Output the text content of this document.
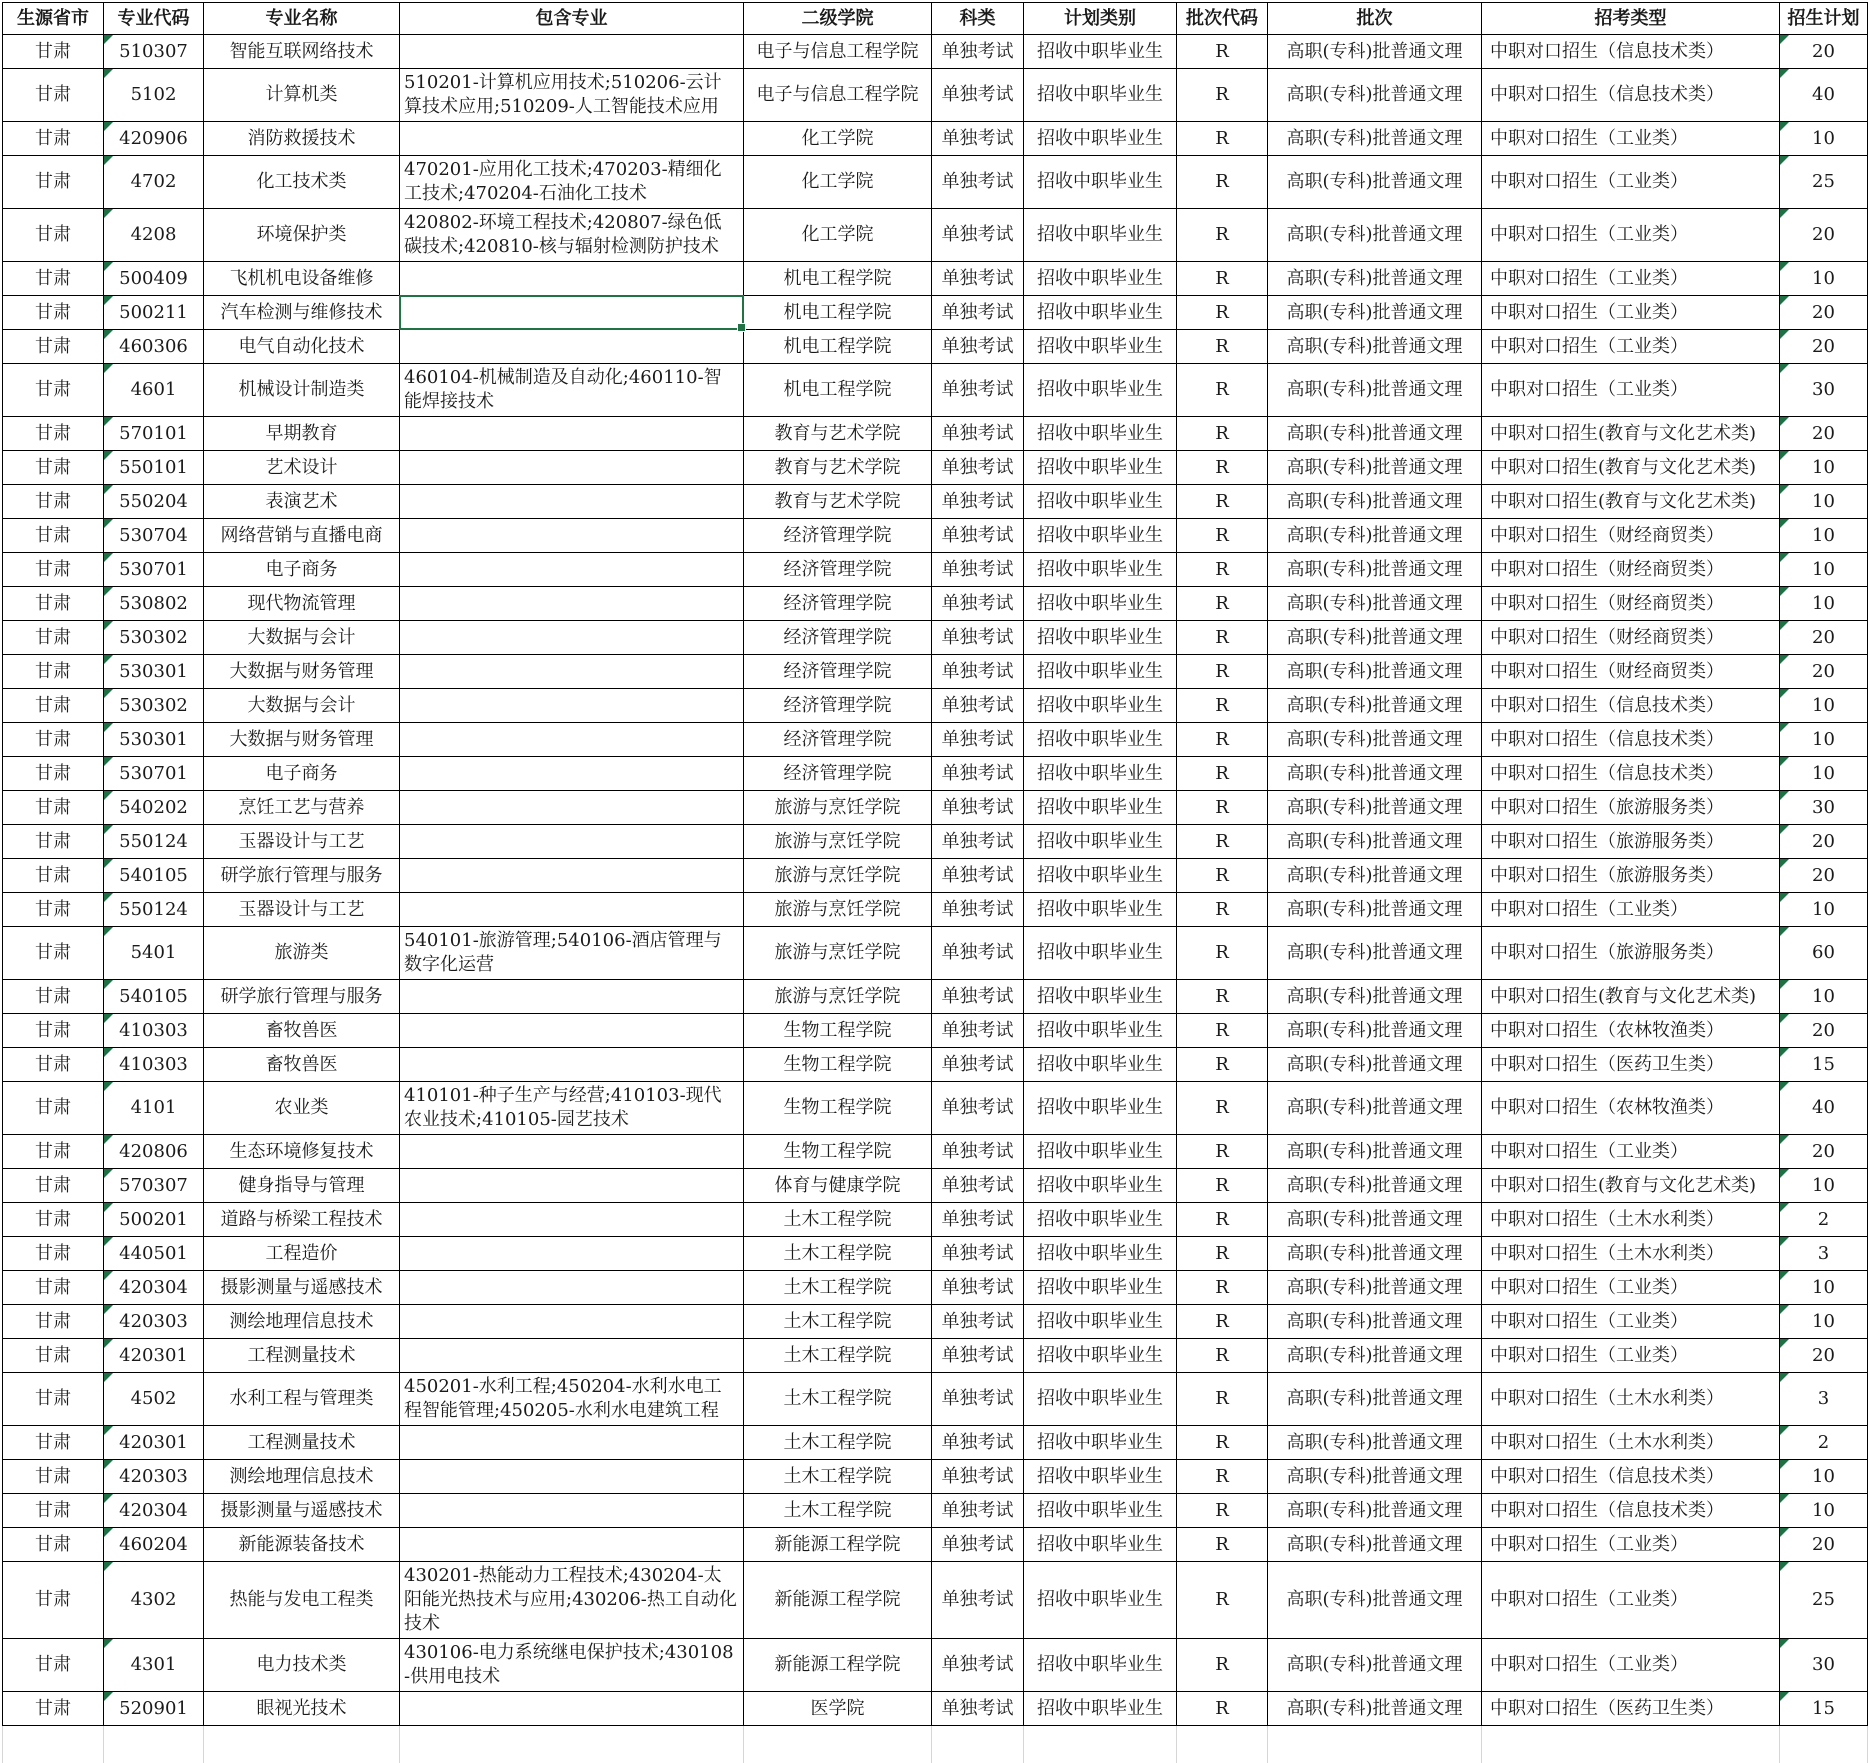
生源省市	专业代码	专业名称	包含专业	二级学院	科类	计划类别	批次代码	批次	招考类型	招生计划
甘肃	510307	智能互联网络技术		电子与信息工程学院	单独考试	招收中职毕业生	R	高职(专科)批普通文理	中职对口招生（信息技术类）	20

甘肃	5102	计算机类	510201-计算机应用技术;510206-云计算技术应用;510209-人工智能技术应用	电子与信息工程学院	单独考试	招收中职毕业生	R	高职(专科)批普通文理	中职对口招生（信息技术类）	40

甘肃	420906	消防救援技术		化工学院	单独考试	招收中职毕业生	R	高职(专科)批普通文理	中职对口招生（工业类）	10

甘肃	4702	化工技术类	470201-应用化工技术;470203-精细化工技术;470204-石油化工技术	化工学院	单独考试	招收中职毕业生	R	高职(专科)批普通文理	中职对口招生（工业类）	25

甘肃	4208	环境保护类	420802-环境工程技术;420807-绿色低碳技术;420810-核与辐射检测防护技术	化工学院	单独考试	招收中职毕业生	R	高职(专科)批普通文理	中职对口招生（工业类）	20

甘肃	500409	飞机机电设备维修		机电工程学院	单独考试	招收中职毕业生	R	高职(专科)批普通文理	中职对口招生（工业类）	10

甘肃	500211	汽车检测与维修技术		机电工程学院	单独考试	招收中职毕业生	R	高职(专科)批普通文理	中职对口招生（工业类）	20

甘肃	460306	电气自动化技术		机电工程学院	单独考试	招收中职毕业生	R	高职(专科)批普通文理	中职对口招生（工业类）	20

甘肃	4601	机械设计制造类	460104-机械制造及自动化;460110-智能焊接技术	机电工程学院	单独考试	招收中职毕业生	R	高职(专科)批普通文理	中职对口招生（工业类）	30

甘肃	570101	早期教育		教育与艺术学院	单独考试	招收中职毕业生	R	高职(专科)批普通文理	中职对口招生(教育与文化艺术类)	20

甘肃	550101	艺术设计		教育与艺术学院	单独考试	招收中职毕业生	R	高职(专科)批普通文理	中职对口招生(教育与文化艺术类)	10

甘肃	550204	表演艺术		教育与艺术学院	单独考试	招收中职毕业生	R	高职(专科)批普通文理	中职对口招生(教育与文化艺术类)	10

甘肃	530704	网络营销与直播电商		经济管理学院	单独考试	招收中职毕业生	R	高职(专科)批普通文理	中职对口招生（财经商贸类）	10

甘肃	530701	电子商务		经济管理学院	单独考试	招收中职毕业生	R	高职(专科)批普通文理	中职对口招生（财经商贸类）	10

甘肃	530802	现代物流管理		经济管理学院	单独考试	招收中职毕业生	R	高职(专科)批普通文理	中职对口招生（财经商贸类）	10

甘肃	530302	大数据与会计		经济管理学院	单独考试	招收中职毕业生	R	高职(专科)批普通文理	中职对口招生（财经商贸类）	20

甘肃	530301	大数据与财务管理		经济管理学院	单独考试	招收中职毕业生	R	高职(专科)批普通文理	中职对口招生（财经商贸类）	20

甘肃	530302	大数据与会计		经济管理学院	单独考试	招收中职毕业生	R	高职(专科)批普通文理	中职对口招生（信息技术类）	10

甘肃	530301	大数据与财务管理		经济管理学院	单独考试	招收中职毕业生	R	高职(专科)批普通文理	中职对口招生（信息技术类）	10

甘肃	530701	电子商务		经济管理学院	单独考试	招收中职毕业生	R	高职(专科)批普通文理	中职对口招生（信息技术类）	10

甘肃	540202	烹饪工艺与营养		旅游与烹饪学院	单独考试	招收中职毕业生	R	高职(专科)批普通文理	中职对口招生（旅游服务类）	30

甘肃	550124	玉器设计与工艺		旅游与烹饪学院	单独考试	招收中职毕业生	R	高职(专科)批普通文理	中职对口招生（旅游服务类）	20

甘肃	540105	研学旅行管理与服务		旅游与烹饪学院	单独考试	招收中职毕业生	R	高职(专科)批普通文理	中职对口招生（旅游服务类）	20

甘肃	550124	玉器设计与工艺		旅游与烹饪学院	单独考试	招收中职毕业生	R	高职(专科)批普通文理	中职对口招生（工业类）	10

甘肃	5401	旅游类	540101-旅游管理;540106-酒店管理与数字化运营	旅游与烹饪学院	单独考试	招收中职毕业生	R	高职(专科)批普通文理	中职对口招生（旅游服务类）	60

甘肃	540105	研学旅行管理与服务		旅游与烹饪学院	单独考试	招收中职毕业生	R	高职(专科)批普通文理	中职对口招生(教育与文化艺术类)	10

甘肃	410303	畜牧兽医		生物工程学院	单独考试	招收中职毕业生	R	高职(专科)批普通文理	中职对口招生（农林牧渔类）	20

甘肃	410303	畜牧兽医		生物工程学院	单独考试	招收中职毕业生	R	高职(专科)批普通文理	中职对口招生（医药卫生类）	15

甘肃	4101	农业类	410101-种子生产与经营;410103-现代农业技术;410105-园艺技术	生物工程学院	单独考试	招收中职毕业生	R	高职(专科)批普通文理	中职对口招生（农林牧渔类）	40

甘肃	420806	生态环境修复技术		生物工程学院	单独考试	招收中职毕业生	R	高职(专科)批普通文理	中职对口招生（工业类）	20

甘肃	570307	健身指导与管理		体育与健康学院	单独考试	招收中职毕业生	R	高职(专科)批普通文理	中职对口招生(教育与文化艺术类)	10

甘肃	500201	道路与桥梁工程技术		土木工程学院	单独考试	招收中职毕业生	R	高职(专科)批普通文理	中职对口招生（土木水利类）	2

甘肃	440501	工程造价		土木工程学院	单独考试	招收中职毕业生	R	高职(专科)批普通文理	中职对口招生（土木水利类）	3

甘肃	420304	摄影测量与遥感技术		土木工程学院	单独考试	招收中职毕业生	R	高职(专科)批普通文理	中职对口招生（工业类）	10

甘肃	420303	测绘地理信息技术		土木工程学院	单独考试	招收中职毕业生	R	高职(专科)批普通文理	中职对口招生（工业类）	10

甘肃	420301	工程测量技术		土木工程学院	单独考试	招收中职毕业生	R	高职(专科)批普通文理	中职对口招生（工业类）	20

甘肃	4502	水利工程与管理类	450201-水利工程;450204-水利水电工程智能管理;450205-水利水电建筑工程	土木工程学院	单独考试	招收中职毕业生	R	高职(专科)批普通文理	中职对口招生（土木水利类）	3

甘肃	420301	工程测量技术		土木工程学院	单独考试	招收中职毕业生	R	高职(专科)批普通文理	中职对口招生（土木水利类）	2

甘肃	420303	测绘地理信息技术		土木工程学院	单独考试	招收中职毕业生	R	高职(专科)批普通文理	中职对口招生（信息技术类）	10

甘肃	420304	摄影测量与遥感技术		土木工程学院	单独考试	招收中职毕业生	R	高职(专科)批普通文理	中职对口招生（信息技术类）	10

甘肃	460204	新能源装备技术		新能源工程学院	单独考试	招收中职毕业生	R	高职(专科)批普通文理	中职对口招生（工业类）	20

甘肃	4302	热能与发电工程类	430201-热能动力工程技术;430204-太阳能光热技术与应用;430206-热工自动化技术	新能源工程学院	单独考试	招收中职毕业生	R	高职(专科)批普通文理	中职对口招生（工业类）	25

甘肃	4301	电力技术类	430106-电力系统继电保护技术;430108-供用电技术	新能源工程学院	单独考试	招收中职毕业生	R	高职(专科)批普通文理	中职对口招生（工业类）	30

甘肃	520901	眼视光技术		医学院	单独考试	招收中职毕业生	R	高职(专科)批普通文理	中职对口招生（医药卫生类）	15
